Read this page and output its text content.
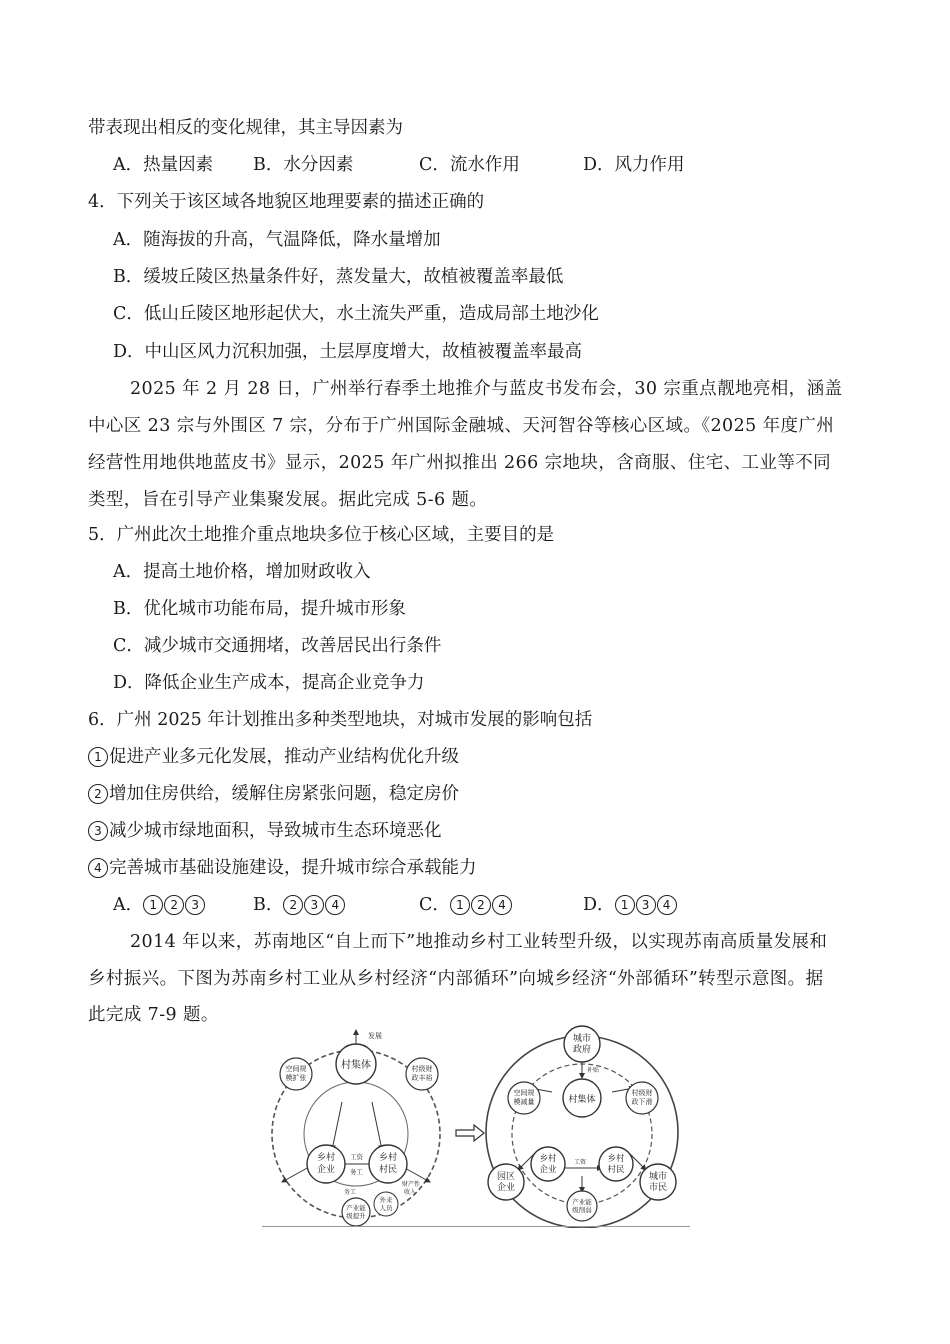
带表现出相反的变化规律，其主导因素为
A．热量因素 B．水分因素	C．流水作用	D．风力作用
4．下列关于该区域各地貌区地理要素的描述正确的
A．随海拔的升高，气温降低，降水量增加
B．缓坡丘陵区热量条件好，蒸发量大，故植被覆盖率最低
C．低山丘陵区地形起伏大，水土流失严重，造成局部土地沙化
D．中山区风力沉积加强，土层厚度增大，故植被覆盖率最高
2025 年 2 月 28 日，广州举行春季土地推介与蓝皮书发布会，30 宗重点靓地亮相，涵盖
中心区 23 宗与外围区 7 宗，分布于广州国际金融城、天河智谷等核心区域。《2025 年度广州
经营性用地供地蓝皮书》显示，2025 年广州拟推出 266 宗地块，含商服、住宅、工业等不同
类型，旨在引导产业集聚发展。据此完成 5-6 题。
5．广州此次土地推介重点地块多位于核心区域，主要目的是
A．提高土地价格，增加财政收入
B．优化城市功能布局，提升城市形象
C．减少城市交通拥堵，改善居民出行条件
D．降低企业生产成本，提高企业竞争力
6．广州 2025 年计划推出多种类型地块，对城市发展的影响包括
1 促进产业多元化发展，推动产业结构优化升级
2 增加住房供给，缓解住房紧张问题，稳定房价
3 减少城市绿地面积，导致城市生态环境恶化
4 完善城市基础设施建设，提升城市综合承载能力
A． 1 2 3	B． 2 3 4	C． 1 2 4	D． 1 3 4
2014 年以来，苏南地区“自上而下”地推动乡村工业转型升级，以实现苏南高质量发展和
乡村振兴。下图为苏南乡村工业从乡村经济“内部循环”向城乡经济“外部循环”转型示意图。据
此完成 7-9 题。
村集体
空间规
模扩张
村级财
政丰裕
乡村
企业
乡村
村民
外来
人员
产业能
级提升
发展
工资
务工
财产性
收入
务工
城市
政府
村集体
空间规
模减量
村级财
政下滑
乡村
企业
乡村
村民
园区
企业
城市
市民
产业能
级削弱
补贴
工资
